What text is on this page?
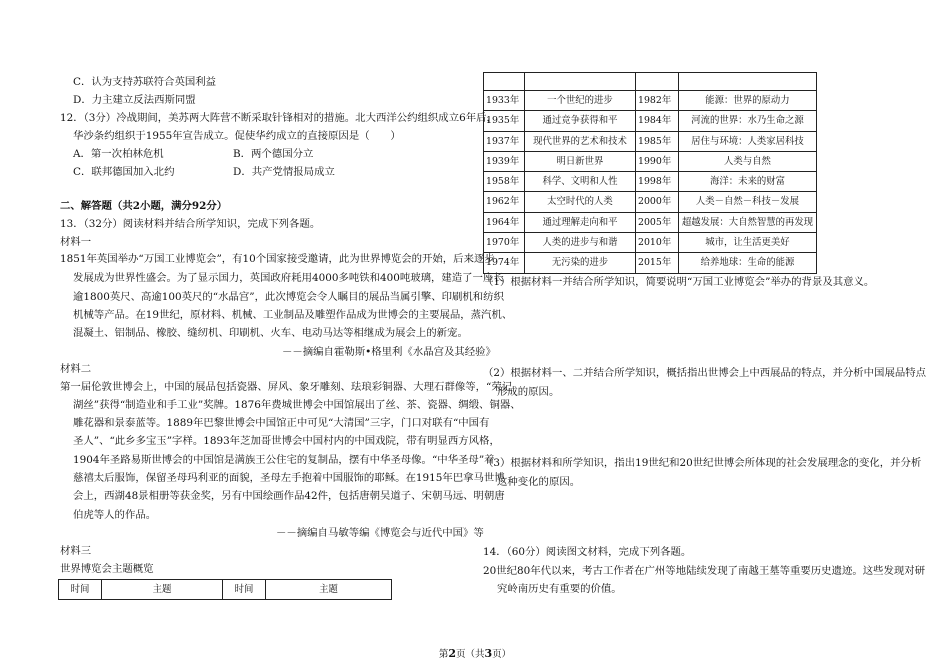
C．认为支持苏联符合英国利益
D．力主建立反法西斯同盟
12．（3分）冷战期间，美苏两大阵营不断采取针锋相对的措施。北大西洋公约组织成立6年后，
华沙条约组织于1955年宣告成立。促使华约成立的直接原因是（　　）
A．第一次柏林危机	B．两个德国分立
C．联邦德国加入北约	D．共产党情报局成立
二、解答题（共2小题，满分92分）
13．（32分）阅读材料并结合所学知识，完成下列各题。
材料一
1851年英国举办“万国工业博览会”，有10个国家接受邀请，此为世界博览会的开始，后来逐步
发展成为世界性盛会。为了显示国力，英国政府耗用4000多吨铁和400吨玻璃，建造了一座长
逾1800英尺、高逾100英尺的“水晶宫”，此次博览会令人瞩目的展品当属引擎、印刷机和纺织
机械等产品。在19世纪，原材料、机械、工业制品及雕塑作品成为世博会的主要展品，蒸汽机、
混凝土、铝制品、橡胶、缝纫机、印刷机、火车、电动马达等相继成为展会上的新宠。
－－摘编自霍勒斯•格里利《水晶宫及其经验》
材料二
第一届伦敦世博会上，中国的展品包括瓷器、屏风、象牙雕刻、珐琅彩铜器、大理石群像等，“荣记
湖丝”获得“制造业和手工业”奖牌。1876年费城世博会中国馆展出了丝、茶、瓷器、绸缎、铜器、
雕花器和景泰蓝等。1889年巴黎世博会中国馆正中可见“大清国”三字，门口对联有“中国有
圣人”、“此乡多宝玉”字样。1893年芝加哥世博会中国村内的中国戏院，带有明显西方风格，
1904年圣路易斯世博会的中国馆是满族王公住宅的复制品，摆有中华圣母像。“中华圣母”着
慈禧太后服饰，保留圣母玛利亚的面貌，圣母左手抱着中国服饰的耶稣。在1915年巴拿马世博
会上，西湖48景相册等获金奖，另有中国绘画作品42件，包括唐朝吴道子、宋朝马远、明朝唐
伯虎等人的作品。
－－摘编自马敏等编《博览会与近代中国》等
材料三
世界博览会主题概览
时间	主题	时间	主题

1933年	一个世纪的进步	1982年	能源：世界的原动力
1935年	通过竞争获得和平	1984年	河流的世界：水乃生命之源
1937年	现代世界的艺术和技术	1985年	居住与环境：人类家居科技
1939年	明日新世界	1990年	人类与自然
1958年	科学、文明和人性	1998年	海洋：未来的财富
1962年	太空时代的人类	2000年	人类－自然－科技－发展
1964年	通过理解走向和平	2005年	超越发展：大自然智慧的再发现
1970年	人类的进步与和谐	2010年	城市，让生活更美好
1974年	无污染的进步	2015年	给养地球：生命的能源
（1）根据材料一并结合所学知识，简要说明“万国工业博览会”举办的背景及其意义。
（2）根据材料一、二并结合所学知识，概括指出世博会上中西展品的特点，并分析中国展品特点
形成的原因。
（3）根据材料和所学知识，指出19世纪和20世纪世博会所体现的社会发展理念的变化，并分析
这种变化的原因。
14．（60分）阅读图文材料，完成下列各题。
20世纪80年代以来，考古工作者在广州等地陆续发现了南越王墓等重要历史遗迹。这些发现对研
究岭南历史有重要的价值。
第2页（共3页）
